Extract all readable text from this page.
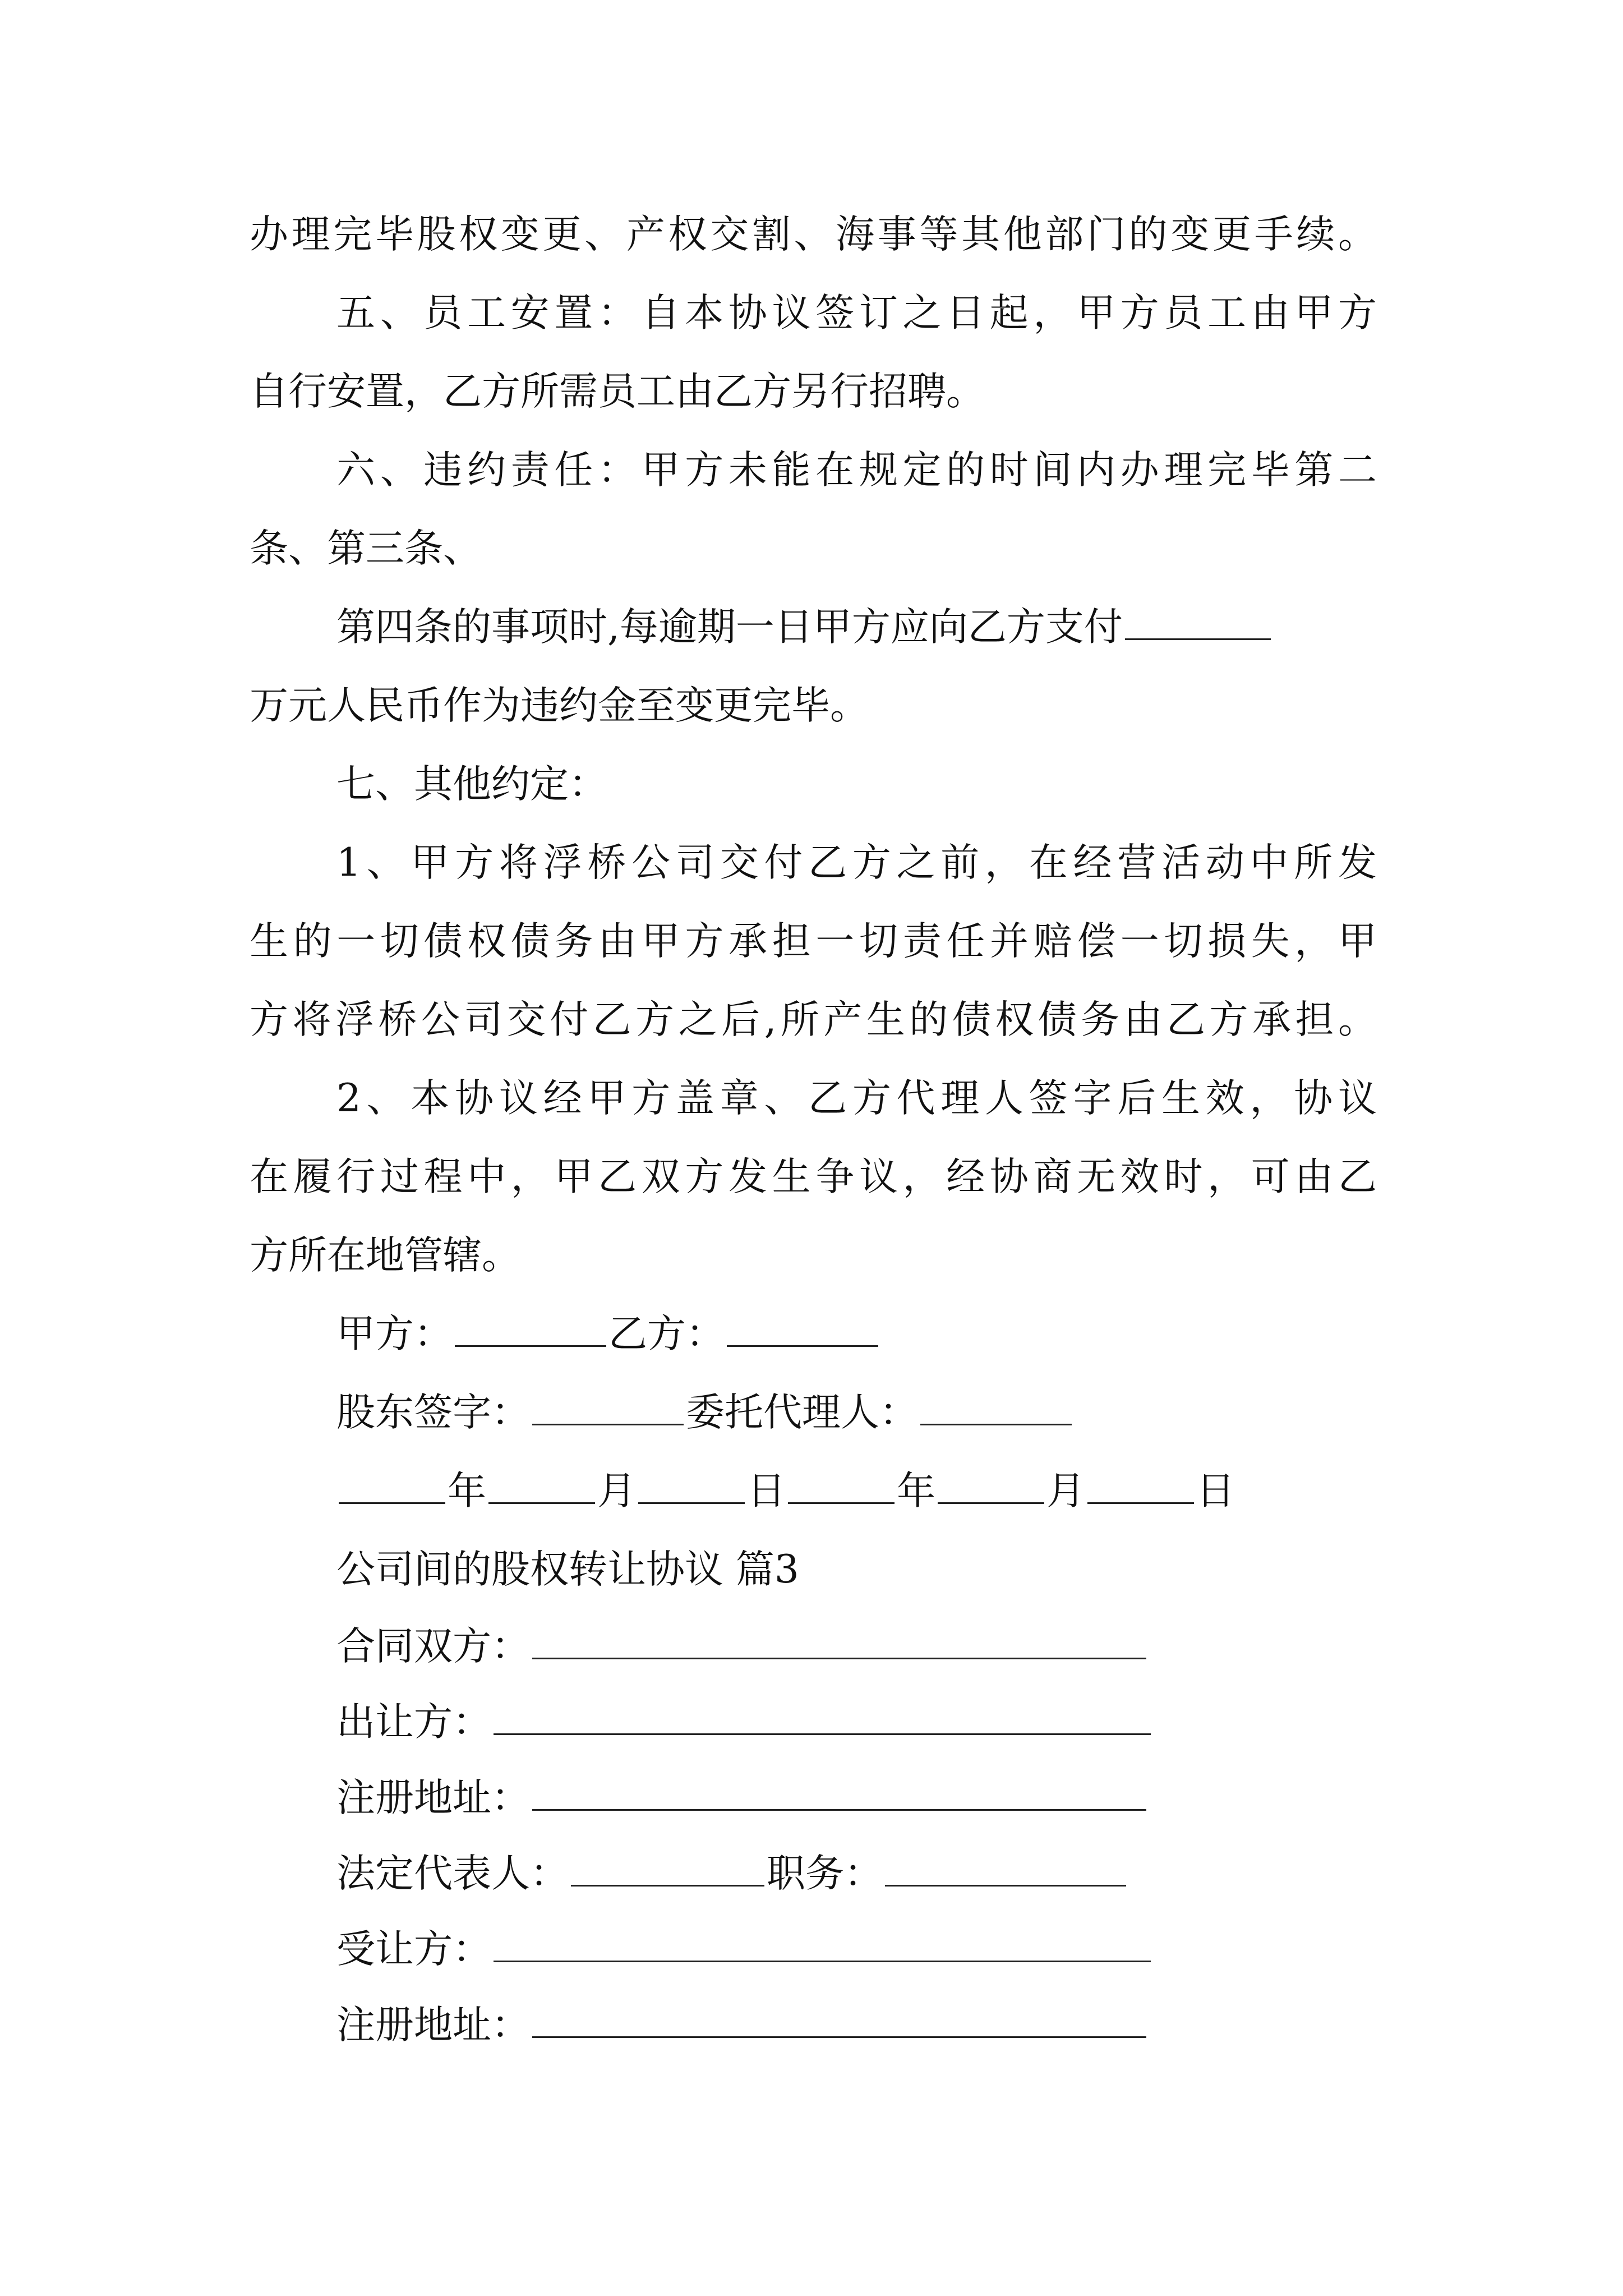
办理完毕股权变更、产权交割、海事等其他部门的变更手续。

五、员工安置：自本协议签订之日起，甲方员工由甲方

自行安置，乙方所需员工由乙方另行招聘。

六、违约责任：甲方未能在规定的时间内办理完毕第二

条、第三条、

第四条的事项时,每逾期一日甲方应向乙方支付

万元人民币作为违约金至变更完毕。

七、其他约定：

1、甲方将浮桥公司交付乙方之前，在经营活动中所发

生的一切债权债务由甲方承担一切责任并赔偿一切损失，甲

方将浮桥公司交付乙方之后,所产生的债权债务由乙方承担。

2、本协议经甲方盖章、乙方代理人签字后生效，协议

在履行过程中，甲乙双方发生争议，经协商无效时，可由乙

方所在地管辖。

甲方：	乙方：
股东签字：	委托代理人：
年	月	日	年	月	日

公司间的股权转让协议 篇3

合同双方：
出让方：
注册地址：
法定代表人：	职务：
受让方：
注册地址：
